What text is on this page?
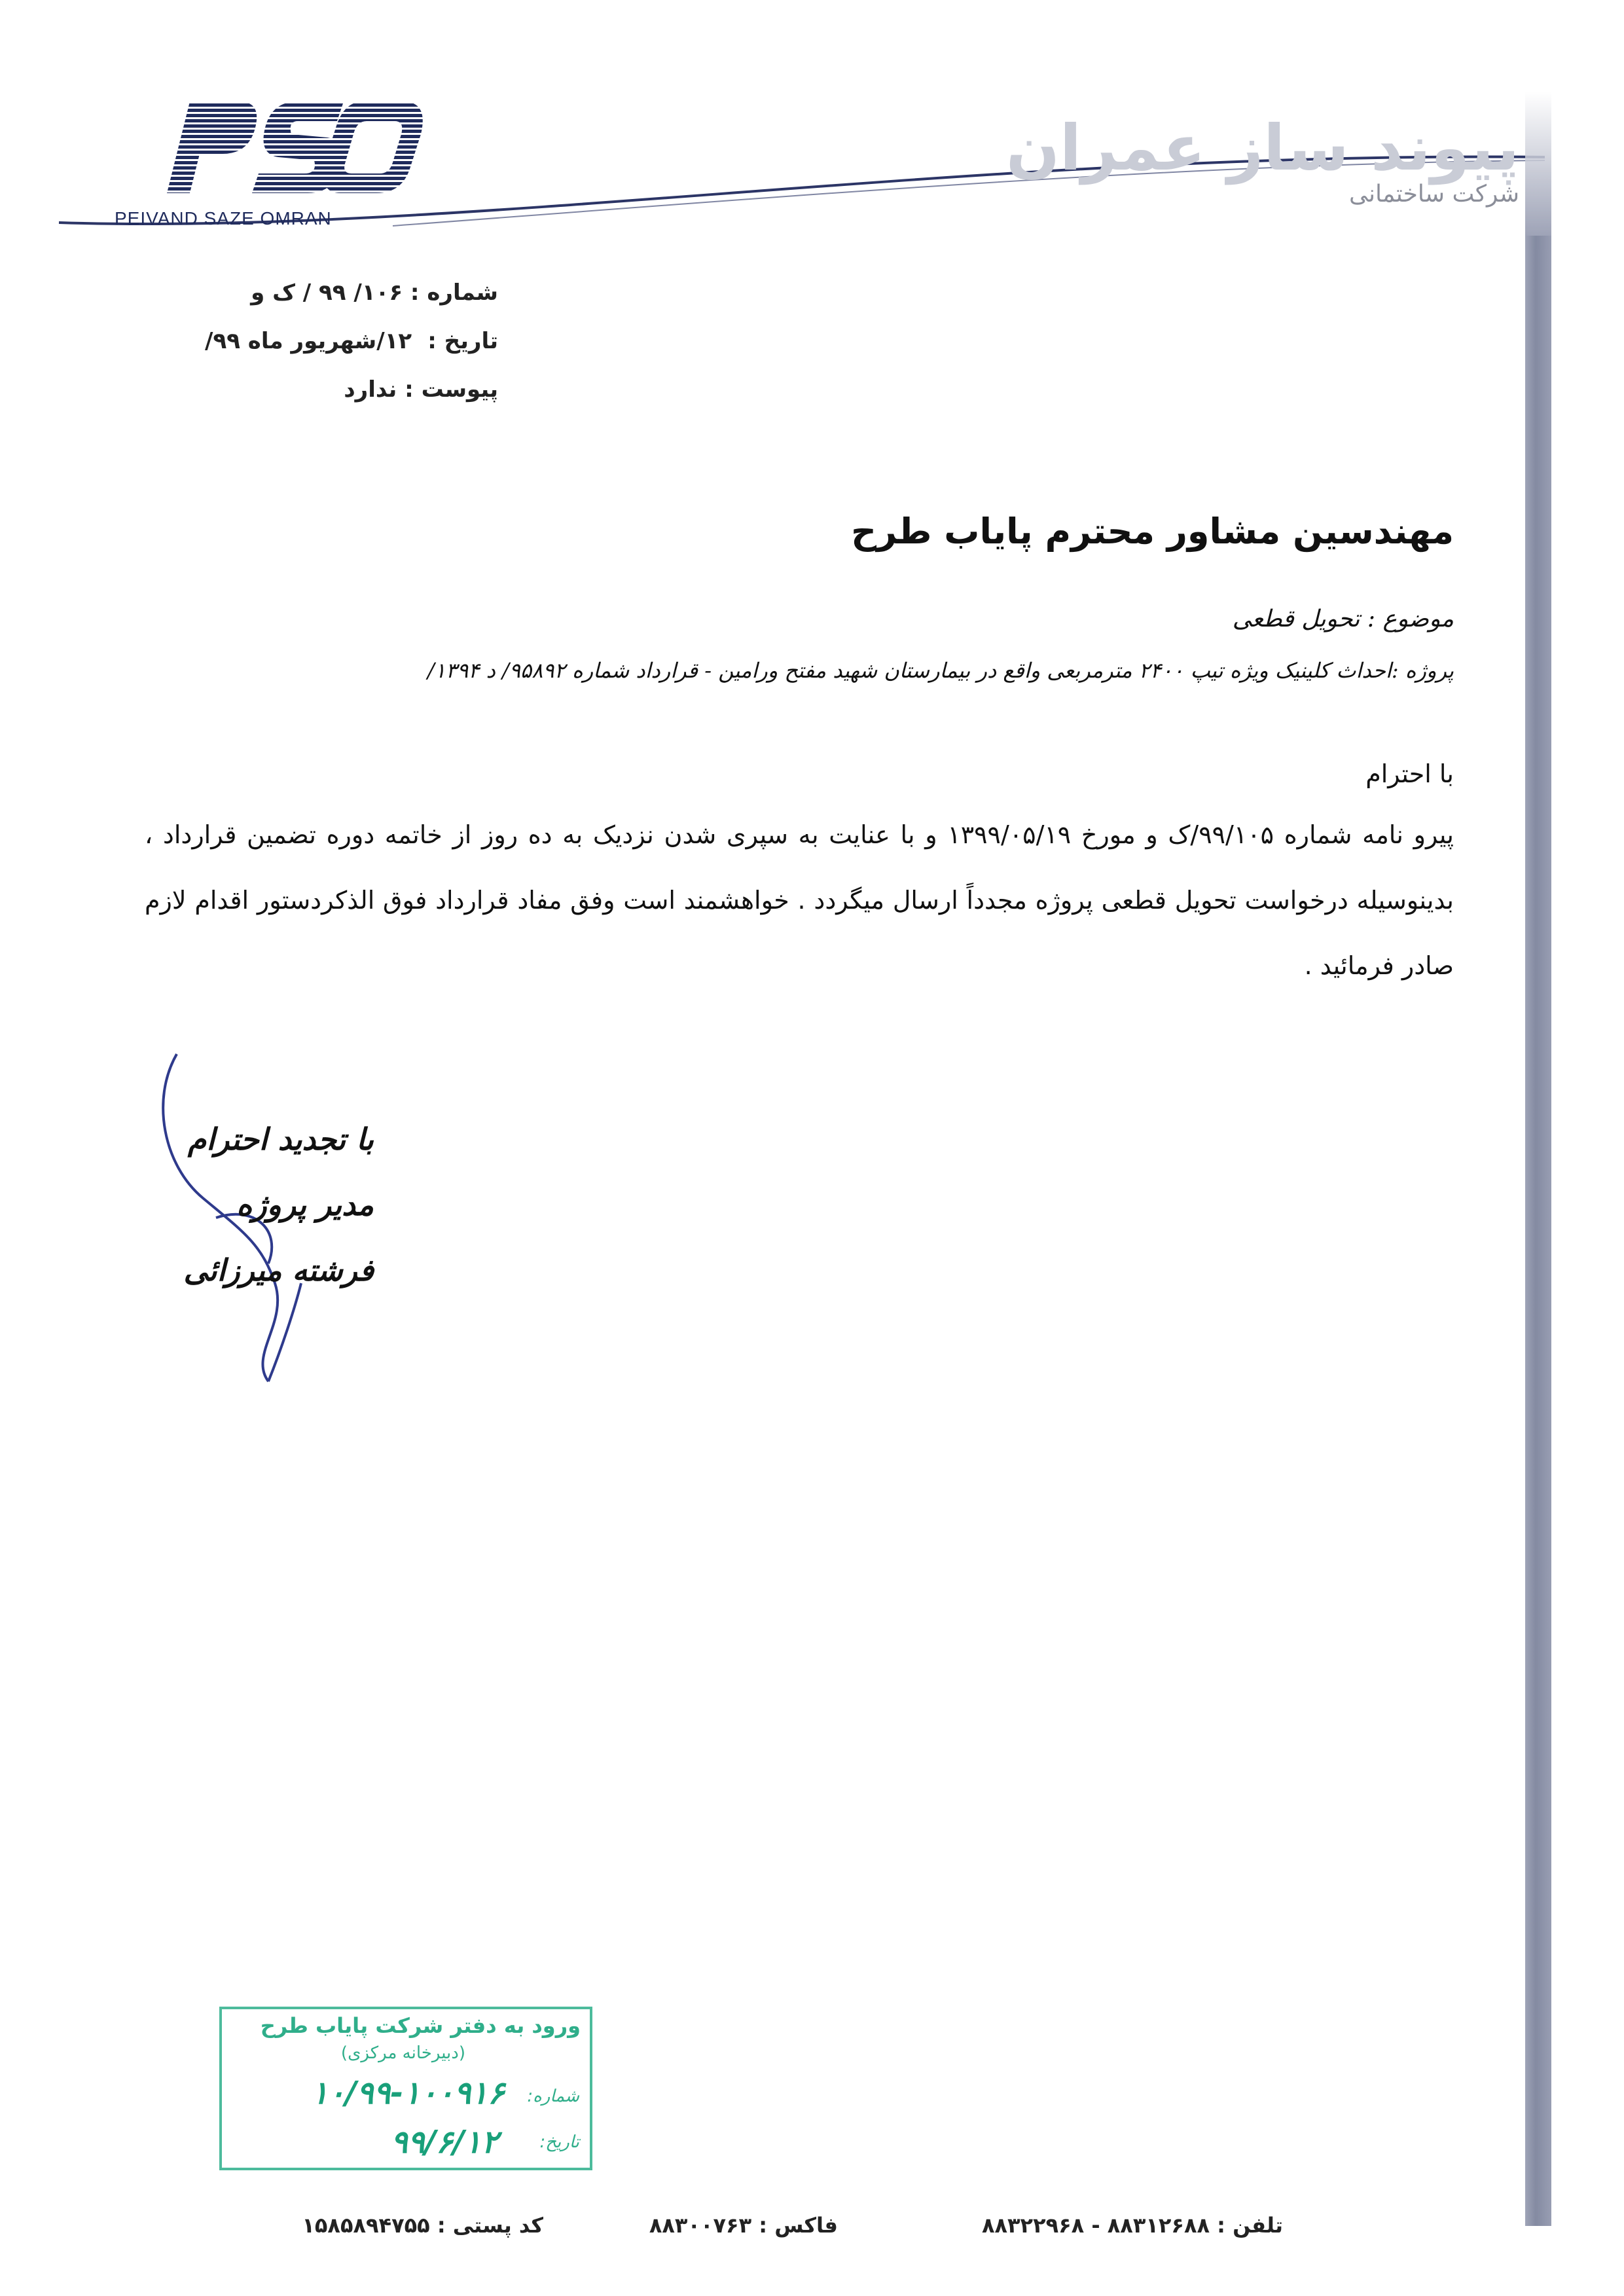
PEIVAND SAZE OMRAN
پیوند ساز عمران
شرکت ساختمانی
شماره : ۱۰۶/ ۹۹ / ک و
تاریخ : ۱۲/شهریور ماه ۹۹/
پیوست : ندارد
مهندسین مشاور محترم پایاب طرح
موضوع : تحویل قطعی
پروژه :احداث کلینیک ویژه تیپ ۲۴۰۰ مترمربعی واقع در بیمارستان شهید مفتح ورامین - قرارداد شماره ۹۵۸۹۲/ د ۱۳۹۴/
با احترام
پیرو نامه شماره ۹۹/۱۰۵/ک و مورخ ۱۳۹۹/۰۵/۱۹ و با عنایت به سپری شدن نزدیک به ده روز از خاتمه دوره تضمین قرارداد ، بدینوسیله درخواست تحویل قطعی پروژه مجدداً ارسال میگردد . خواهشمند است وفق مفاد قرارداد فوق الذکردستور اقدام لازم صادر فرمائید .
با تجدید احترام
مدیر پروژه
فرشته میرزائی
ورود به دفتر شرکت پایاب طرح
(دبیرخانه مرکزی)
شماره:
۱۰/۹۹-۱۰۰۹۱۶
تاریخ:
۹۹/۶/۱۲
تلفن : ۸۸۳۱۲۶۸۸ - ۸۸۳۲۲۹۶۸
فاکس : ۸۸۳۰۰۷۶۳
کد پستی : ۱۵۸۵۸۹۴۷۵۵
